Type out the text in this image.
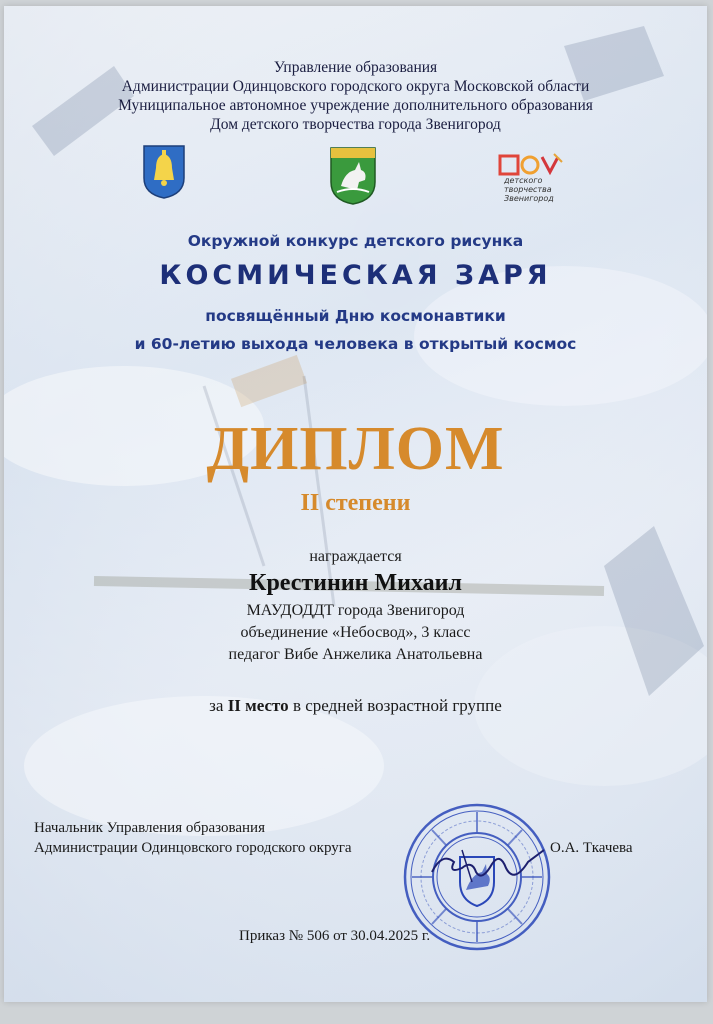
Управление образования
Администрации Одинцовского городского округа Московской области
Муниципальное автономное учреждение дополнительного образования
Дом детского творчества города Звенигород
детского
творчества
Звенигород
Окружной конкурс детского рисунка
КОСМИЧЕСКАЯ ЗАРЯ
посвящённый Дню космонавтики
и 60-летию выхода человека в открытый космос
ДИПЛОМ
II степени
награждается
Крестинин Михаил
МАУДОДДТ города Звенигород
объединение «Небосвод», 3 класс
педагог Вибе Анжелика Анатольевна
за II место в средней возрастной группе
Начальник Управления образования
Администрации Одинцовского городского округа	О.А. Ткачева
Приказ № 506 от 30.04.2025 г.
